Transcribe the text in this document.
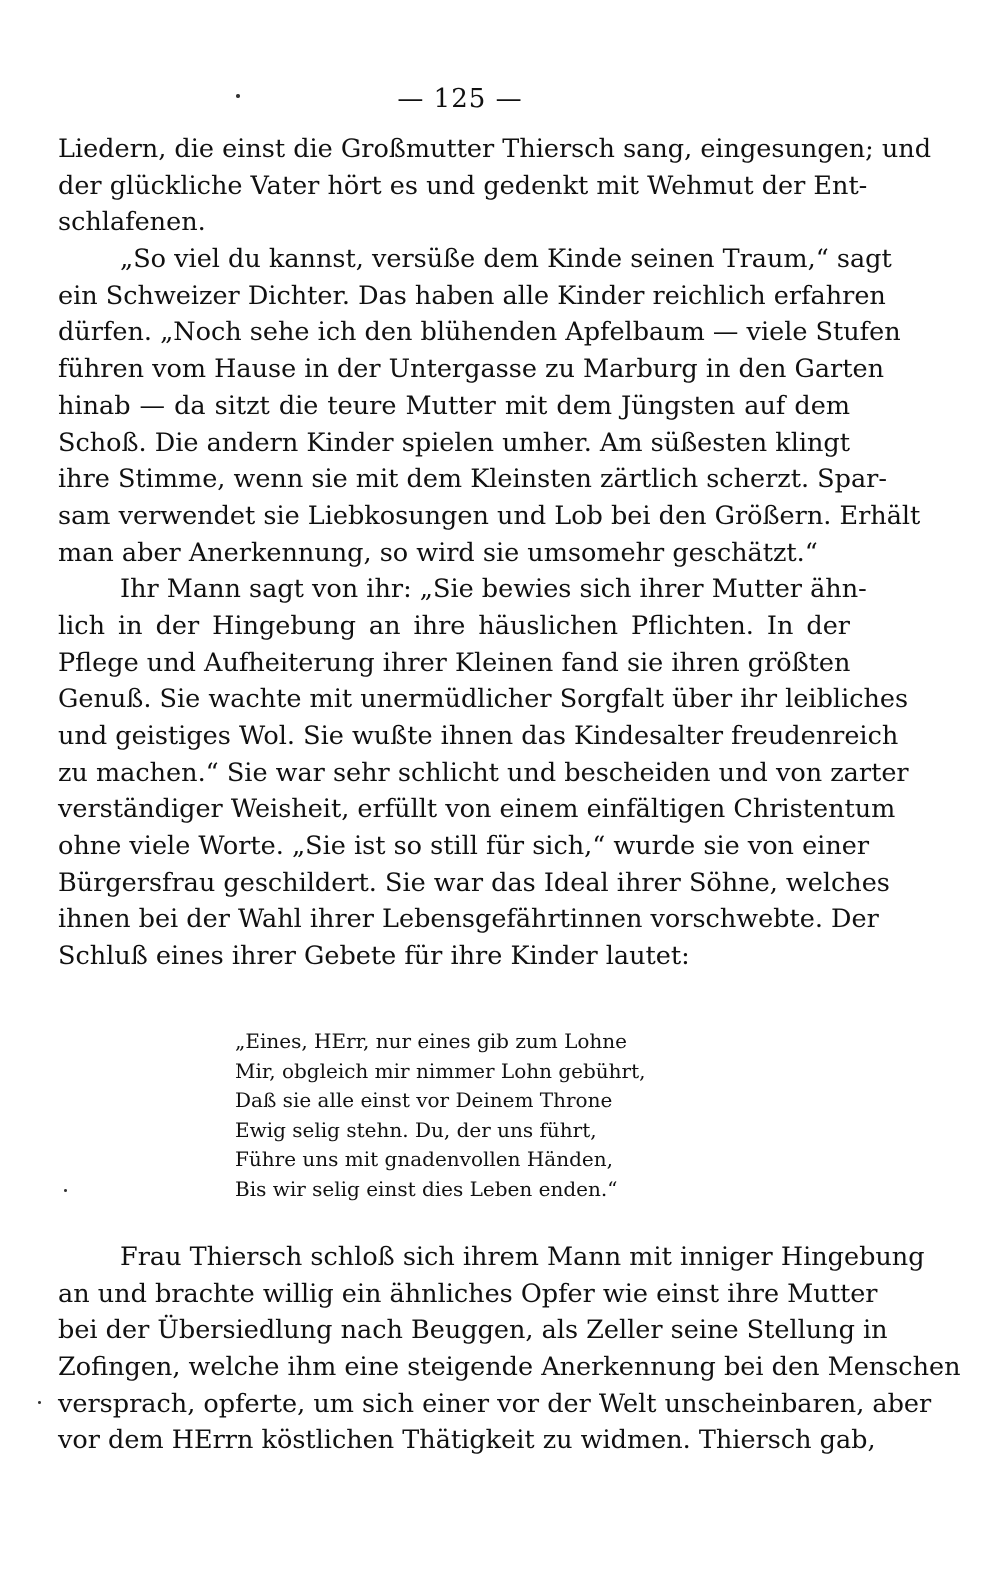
— 125 —
Liedern, die einst die Großmutter Thiersch sang, eingesungen; und
der glückliche Vater hört es und gedenkt mit Wehmut der Ent-
schlafenen.
„So viel du kannst, versüße dem Kinde seinen Traum,“ sagt
ein Schweizer Dichter. Das haben alle Kinder reichlich erfahren
dürfen. „Noch sehe ich den blühenden Apfelbaum — viele Stufen
führen vom Hause in der Untergasse zu Marburg in den Garten
hinab — da sitzt die teure Mutter mit dem Jüngsten auf dem
Schoß. Die andern Kinder spielen umher. Am süßesten klingt
ihre Stimme, wenn sie mit dem Kleinsten zärtlich scherzt. Spar-
sam verwendet sie Liebkosungen und Lob bei den Größern. Erhält
man aber Anerkennung, so wird sie umsomehr geschätzt.“
Ihr Mann sagt von ihr: „Sie bewies sich ihrer Mutter ähn-
lich in der Hingebung an ihre häuslichen Pflichten. In der
Pflege und Aufheiterung ihrer Kleinen fand sie ihren größten
Genuß. Sie wachte mit unermüdlicher Sorgfalt über ihr leibliches
und geistiges Wol. Sie wußte ihnen das Kindesalter freudenreich
zu machen.“ Sie war sehr schlicht und bescheiden und von zarter
verständiger Weisheit, erfüllt von einem einfältigen Christentum
ohne viele Worte. „Sie ist so still für sich,“ wurde sie von einer
Bürgersfrau geschildert. Sie war das Ideal ihrer Söhne, welches
ihnen bei der Wahl ihrer Lebensgefährtinnen vorschwebte. Der
Schluß eines ihrer Gebete für ihre Kinder lautet:
„Eines, HErr, nur eines gib zum Lohne
Mir, obgleich mir nimmer Lohn gebührt,
Daß sie alle einst vor Deinem Throne
Ewig selig stehn. Du, der uns führt,
Führe uns mit gnadenvollen Händen,
Bis wir selig einst dies Leben enden.“
Frau Thiersch schloß sich ihrem Mann mit inniger Hingebung
an und brachte willig ein ähnliches Opfer wie einst ihre Mutter
bei der Übersiedlung nach Beuggen, als Zeller seine Stellung in
Zofingen, welche ihm eine steigende Anerkennung bei den Menschen
versprach, opferte, um sich einer vor der Welt unscheinbaren, aber
vor dem HErrn köstlichen Thätigkeit zu widmen. Thiersch gab,
